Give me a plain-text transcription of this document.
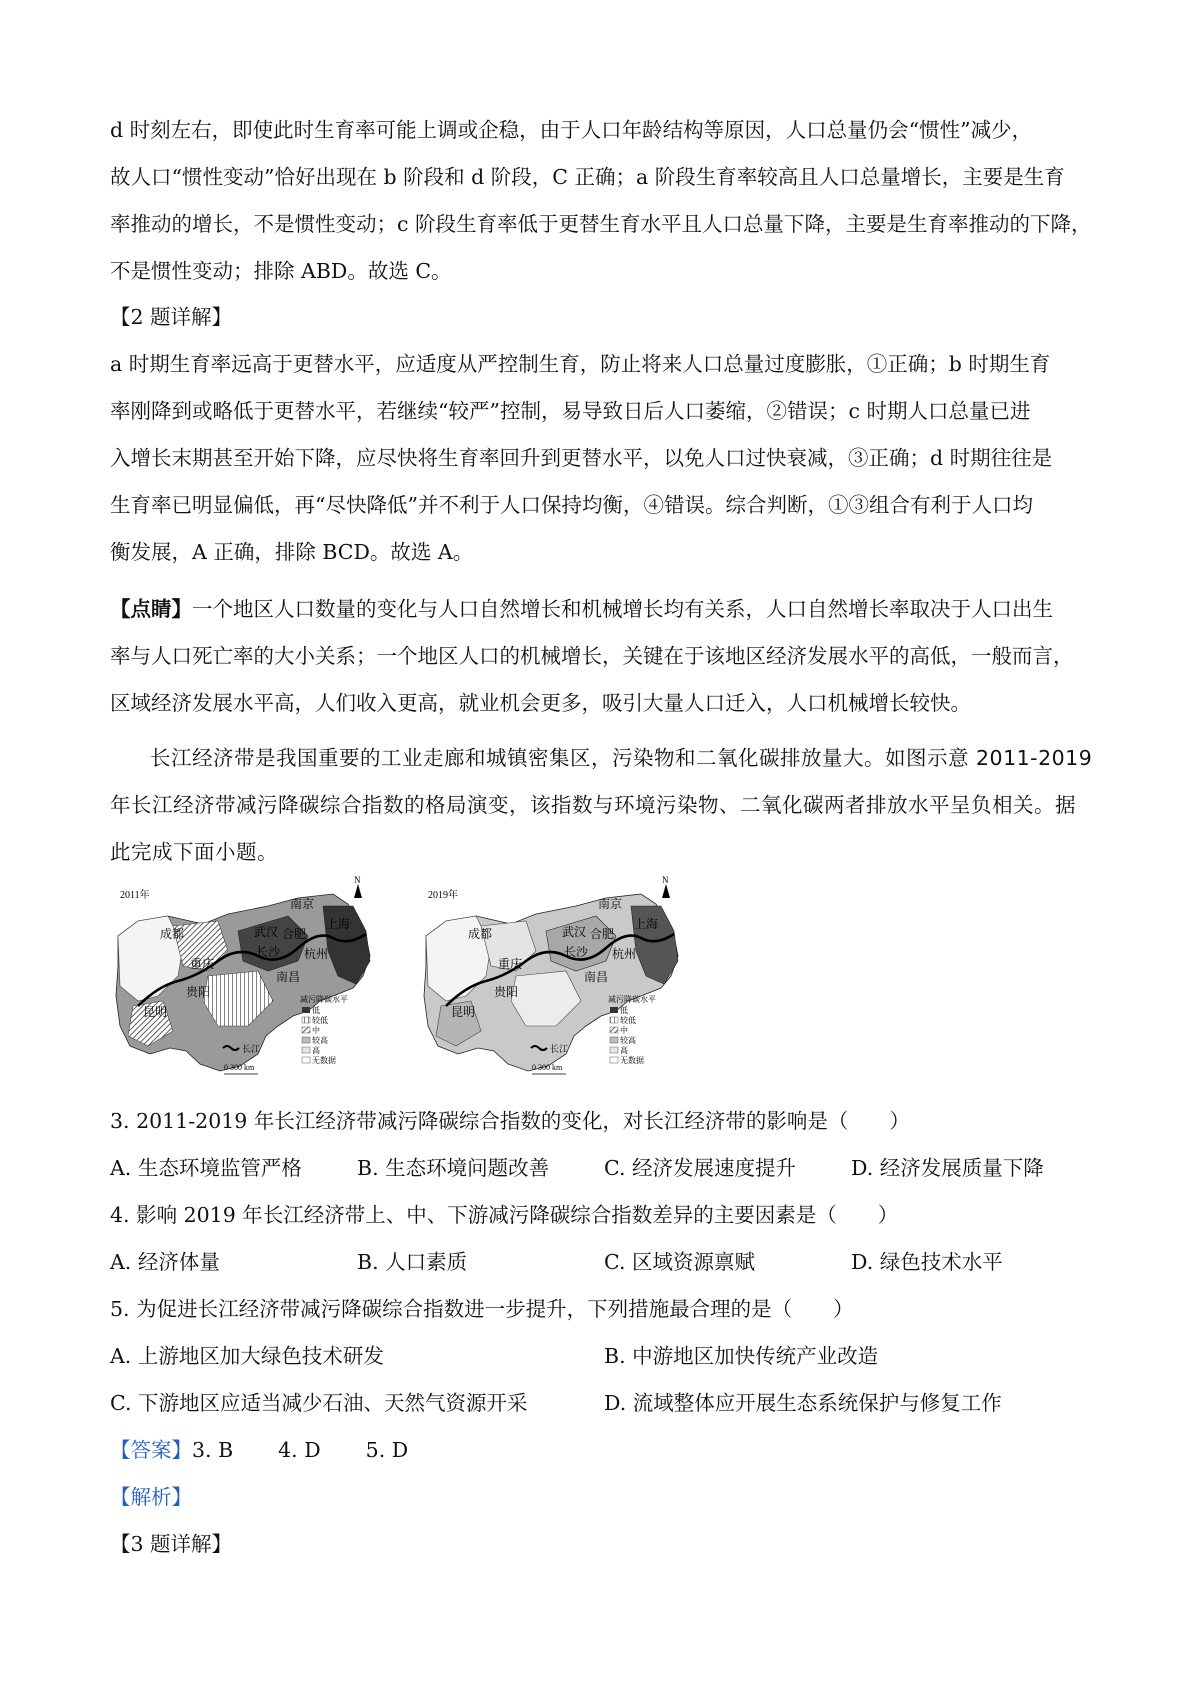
d 时刻左右，即使此时生育率可能上调或企稳，由于人口年龄结构等原因，人口总量仍会“惯性”减少，

故人口“惯性变动”恰好出现在 b 阶段和 d 阶段，C 正确；a 阶段生育率较高且人口总量增长，主要是生育

率推动的增长，不是惯性变动；c 阶段生育率低于更替生育水平且人口总量下降，主要是生育率推动的下降，

不是惯性变动；排除 ABD。故选 C。

【2 题详解】

a 时期生育率远高于更替水平，应适度从严控制生育，防止将来人口总量过度膨胀，①正确；b 时期生育

率刚降到或略低于更替水平，若继续“较严”控制，易导致日后人口萎缩，②错误；c 时期人口总量已进

入增长末期甚至开始下降，应尽快将生育率回升到更替水平，以免人口过快衰减，③正确；d 时期往往是

生育率已明显偏低，再“尽快降低”并不利于人口保持均衡，④错误。综合判断，①③组合有利于人口均

衡发展，A 正确，排除 BCD。故选 A。

【点睛】一个地区人口数量的变化与人口自然增长和机械增长均有关系，人口自然增长率取决于人口出生

率与人口死亡率的大小关系；一个地区人口的机械增长，关键在于该地区经济发展水平的高低，一般而言，

区域经济发展水平高，人们收入更高，就业机会更多，吸引大量人口迁入，人口机械增长较快。

长江经济带是我国重要的工业走廊和城镇密集区，污染物和二氧化碳排放量大。如图示意 2011-2019

年长江经济带减污降碳综合指数的格局演变，该指数与环境污染物、二氧化碳两者排放水平呈负相关。据

此完成下面小题。

2011年
成都
重庆
贵阳
昆明
武汉
长沙
合肥
南京
杭州
南昌
上海
N
减污降碳水平
低
较低
中
较高
高
无数据
长江
0 300 km
2019年
成都
重庆
贵阳
昆明
武汉
长沙
合肥
南京
杭州
南昌
上海
N
减污降碳水平
低
较低
中
较高
高
无数据
长江
0 300 km

3. 2011-2019 年长江经济带减污降碳综合指数的变化，对长江经济带的影响是（　　）

A. 生态环境监管严格	B. 生态环境问题改善	C. 经济发展速度提升	D. 经济发展质量下降

4. 影响 2019 年长江经济带上、中、下游减污降碳综合指数差异的主要因素是（　　）

A. 经济体量	B. 人口素质	C. 区域资源禀赋	D. 绿色技术水平

5. 为促进长江经济带减污降碳综合指数进一步提升，下列措施最合理的是（　　）

A. 上游地区加大绿色技术研发	B. 中游地区加快传统产业改造
C. 下游地区应适当减少石油、天然气资源开采	D. 流域整体应开展生态系统保护与修复工作

【答案】3. B 4. D 5. D

【解析】

【3 题详解】
